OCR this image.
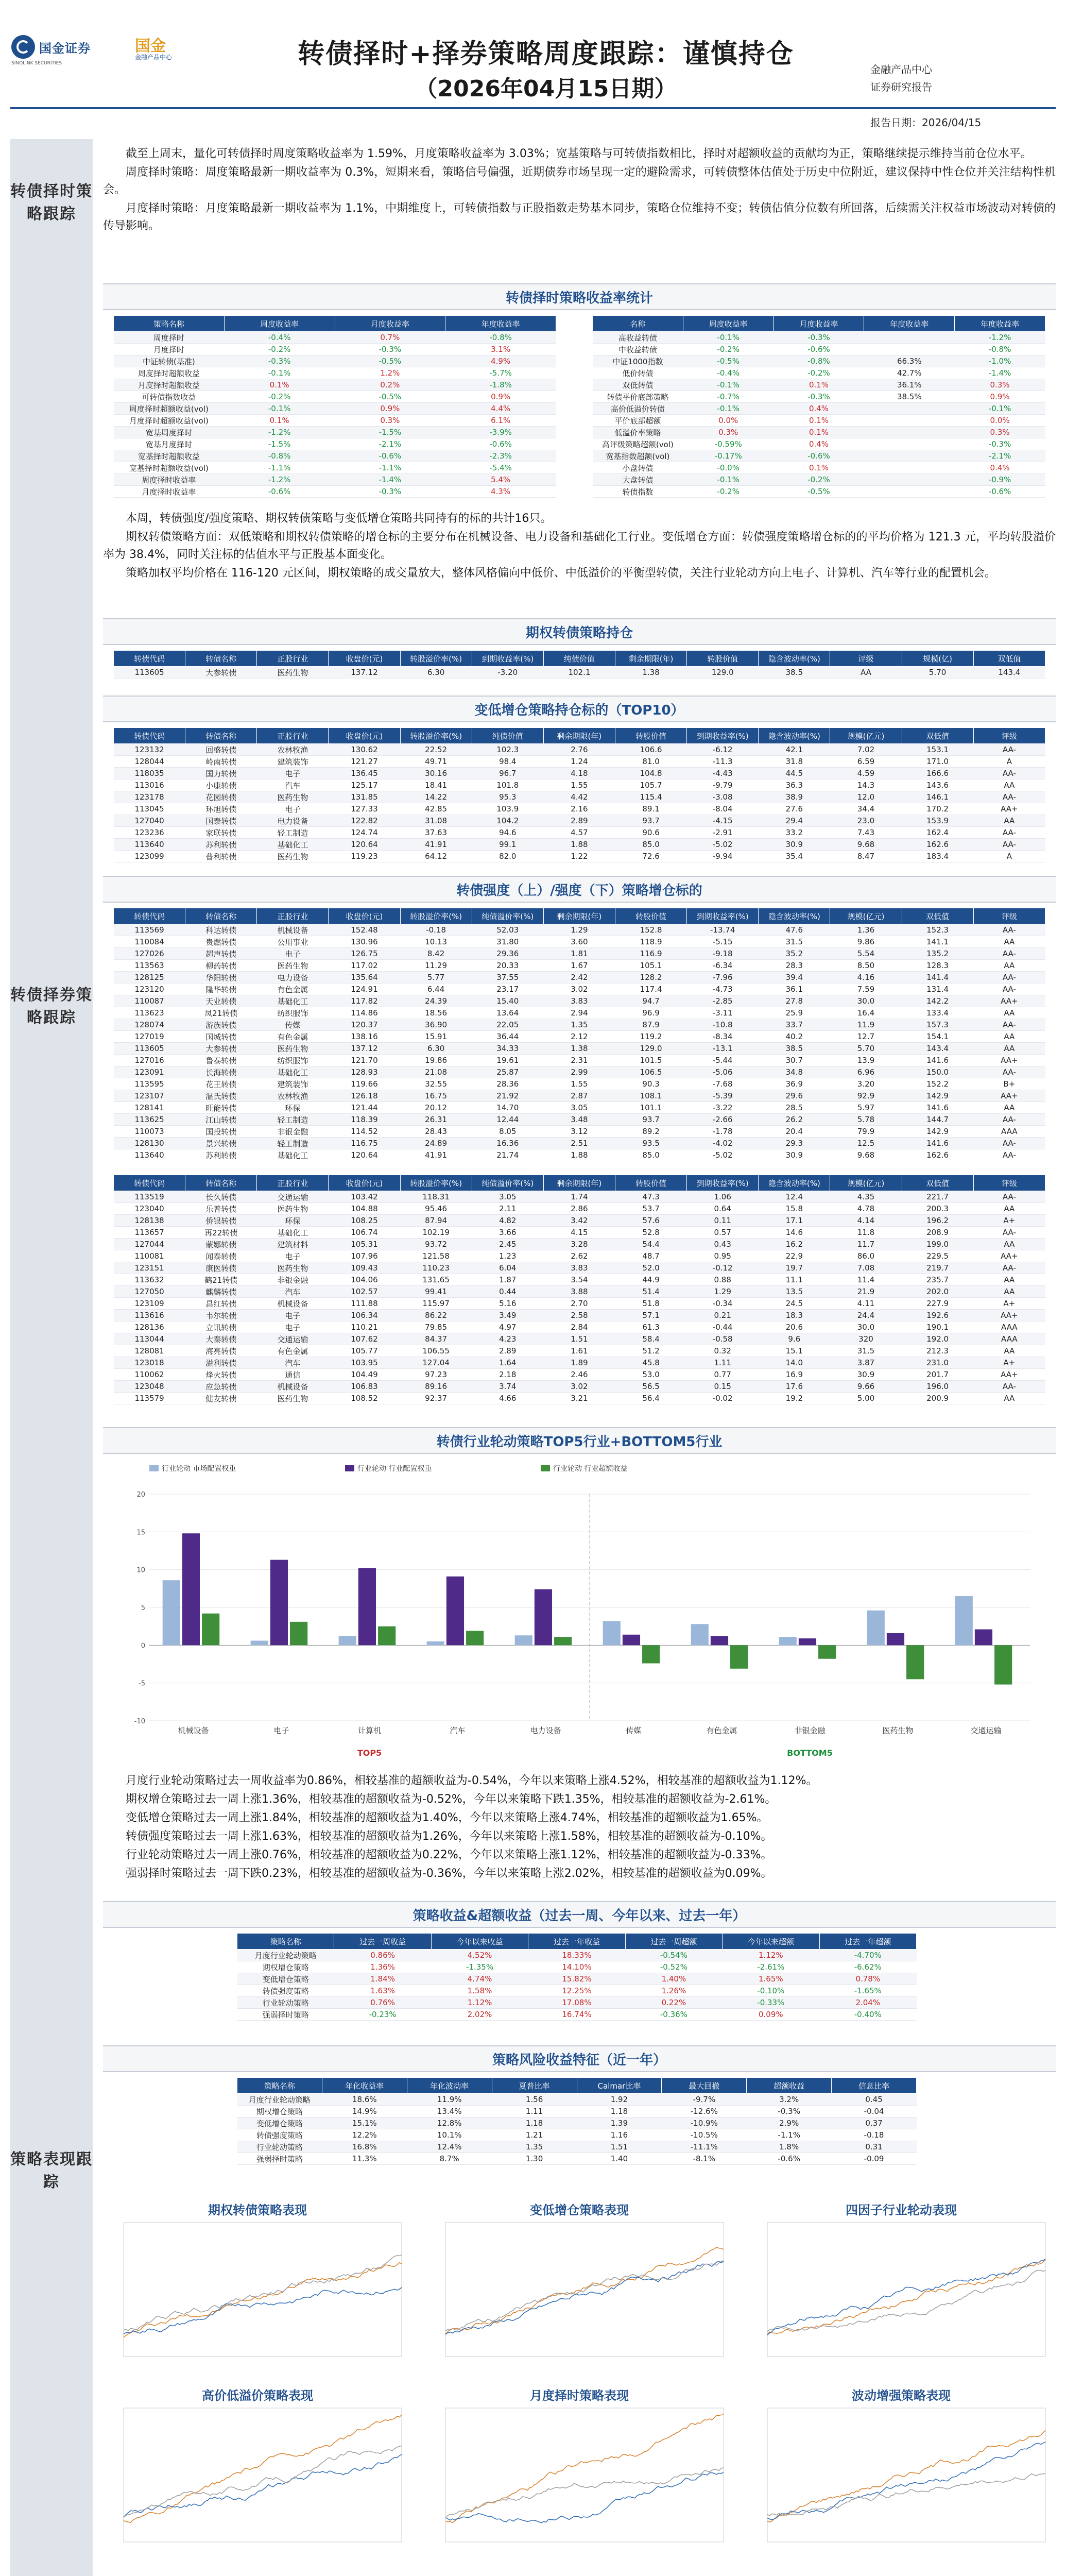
国金证券
SINOLINK SECURITIES
国金
金融产品中心	转债择时+择券策略周度跟踪：谨慎持仓
（2026年04月15日期）
金融产品中心
证券研究报告
报告日期：2026/04/15
转债择时策略跟踪
转债择券策略跟踪
策略表现跟踪

截至上周末，量化可转债择时周度策略收益率为 1.59%，月度策略收益率为 3.03%；宽基策略与可转债指数相比，择时对超额收益的贡献均为正，策略继续提示维持当前仓位水平。

周度择时策略：周度策略最新一期收益率为 0.3%，短期来看，策略信号偏强，近期债券市场呈现一定的避险需求，可转债整体估值处于历史中位附近，建议保持中性仓位并关注结构性机会。

月度择时策略：月度策略最新一期收益率为 1.1%，中期维度上，可转债指数与正股指数走势基本同步，策略仓位维持不变；转债估值分位数有所回落，后续需关注权益市场波动对转债的传导影响。

转债择时策略收益率统计
策略名称	周度收益率	月度收益率	年度收益率
周度择时	-0.4%	0.7%	-0.8%
月度择时	-0.2%	-0.3%	3.1%
中证转债(基准)	-0.3%	-0.5%	4.9%
周度择时超额收益	-0.1%	1.2%	-5.7%
月度择时超额收益	0.1%	0.2%	-1.8%
可转债指数收益	-0.2%	-0.5%	0.9%
周度择时超额收益(vol)	-0.1%	0.9%	4.4%
月度择时超额收益(vol)	0.1%	0.3%	6.1%
宽基周度择时	-1.2%	-1.5%	-3.9%
宽基月度择时	-1.5%	-2.1%	-0.6%
宽基择时超额收益	-0.8%	-0.6%	-2.3%
宽基择时超额收益(vol)	-1.1%	-1.1%	-5.4%
周度择时收益率	-1.2%	-1.4%	5.4%
月度择时收益率	-0.6%	-0.3%	4.3%
名称	周度收益率	月度收益率	年度收益率	年度收益率
高收益转债	-0.1%	-0.3%		-1.2%
中收益转债	-0.2%	-0.6%		-0.8%
中证1000指数	-0.5%	-0.8%	66.3%	-1.0%
低价转债	-0.4%	-0.2%	42.7%	-1.4%
双低转债	-0.1%	0.1%	36.1%	0.3%
转债平价底部策略	-0.7%	-0.3%	38.5%	0.9%
高价低溢价转债	-0.1%	0.4%		-0.1%
平价底部超额	0.0%	0.1%		0.0%
低溢价率策略	0.3%	0.1%		0.3%
高评级策略超额(vol)	-0.59%	0.4%		-0.3%
宽基指数超额(vol)	-0.17%	-0.6%		-2.1%
小盘转债	-0.0%	0.1%		0.4%
大盘转债	-0.1%	-0.2%		-0.9%
转债指数	-0.2%	-0.5%		-0.6%

本周，转债强度/强度策略、期权转债策略与变低增仓策略共同持有的标的共计16只。

期权转债策略方面：双低策略和期权转债策略的增仓标的主要分布在机械设备、电力设备和基础化工行业。变低增仓方面：转债强度策略增仓标的的平均价格为 121.3 元，平均转股溢价率为 38.4%，同时关注标的估值水平与正股基本面变化。

策略加权平均价格在 116-120 元区间，期权策略的成交量放大，整体风格偏向中低价、中低溢价的平衡型转债，关注行业轮动方向上电子、计算机、汽车等行业的配置机会。

期权转债策略持仓
转债代码	转债名称	正股行业	收盘价(元)	转股溢价率(%)	到期收益率(%)	纯债价值	剩余期限(年)	转股价值	隐含波动率(%)	评级	规模(亿)	双低值
113605	大参转债	医药生物	137.12	6.30	-3.20	102.1	1.38	129.0	38.5	AA	5.70	143.4
变低增仓策略持仓标的（TOP10）
转债代码	转债名称	正股行业	收盘价(元)	转股溢价率(%)	纯债价值	剩余期限(年)	转股价值	到期收益率(%)	隐含波动率(%)	规模(亿元)	双低值	评级
123132	回盛转债	农林牧渔	130.62	22.52	102.3	2.76	106.6	-6.12	42.1	7.02	153.1	AA-
128044	岭南转债	建筑装饰	121.27	49.71	98.4	1.24	81.0	-11.3	31.8	6.59	171.0	A
118035	国力转债	电子	136.45	30.16	96.7	4.18	104.8	-4.43	44.5	4.59	166.6	AA-
113016	小康转债	汽车	125.17	18.41	101.8	1.55	105.7	-9.79	36.3	14.3	143.6	AA
123178	花园转债	医药生物	131.85	14.22	95.3	4.42	115.4	-3.08	38.9	12.0	146.1	AA-
113045	环旭转债	电子	127.33	42.85	103.9	2.16	89.1	-8.04	27.6	34.4	170.2	AA+
127040	国泰转债	电力设备	122.82	31.08	104.2	2.89	93.7	-4.15	29.4	23.0	153.9	AA
123236	家联转债	轻工制造	124.74	37.63	94.6	4.57	90.6	-2.91	33.2	7.43	162.4	AA-
113640	苏利转债	基础化工	120.64	41.91	99.1	1.88	85.0	-5.02	30.9	9.68	162.6	AA-
123099	普利转债	医药生物	119.23	64.12	82.0	1.22	72.6	-9.94	35.4	8.47	183.4	A
转债强度（上）/强度（下）策略增仓标的
转债代码	转债名称	正股行业	收盘价(元)	转股溢价率(%)	纯债溢价率(%)	剩余期限(年)	转股价值	到期收益率(%)	隐含波动率(%)	规模(亿元)	双低值	评级
113569	科达转债	机械设备	152.48	-0.18	52.03	1.29	152.8	-13.74	47.6	1.36	152.3	AA-
110084	贵燃转债	公用事业	130.96	10.13	31.80	3.60	118.9	-5.15	31.5	9.86	141.1	AA
127026	超声转债	电子	126.75	8.42	29.36	1.81	116.9	-9.18	35.2	5.54	135.2	AA-
113563	柳药转债	医药生物	117.02	11.29	20.33	1.67	105.1	-6.34	28.3	8.50	128.3	AA
128125	华阳转债	电力设备	135.64	5.77	37.55	2.42	128.2	-7.96	39.4	4.16	141.4	AA-
123120	隆华转债	有色金属	124.91	6.44	23.17	3.02	117.4	-4.73	36.1	7.59	131.4	AA-
110087	天业转债	基础化工	117.82	24.39	15.40	3.83	94.7	-2.85	27.8	30.0	142.2	AA+
113623	凤21转债	纺织服饰	114.86	18.56	13.64	2.94	96.9	-3.11	25.9	16.4	133.4	AA
128074	游族转债	传媒	120.37	36.90	22.05	1.35	87.9	-10.8	33.7	11.9	157.3	AA-
127019	国城转债	有色金属	138.16	15.91	36.44	2.12	119.2	-8.34	40.2	12.7	154.1	AA
113605	大参转债	医药生物	137.12	6.30	34.33	1.38	129.0	-13.1	38.5	5.70	143.4	AA
127016	鲁泰转债	纺织服饰	121.70	19.86	19.61	2.31	101.5	-5.44	30.7	13.9	141.6	AA+
123091	长海转债	基础化工	128.93	21.08	25.87	2.99	106.5	-5.06	34.8	6.96	150.0	AA-
113595	花王转债	建筑装饰	119.66	32.55	28.36	1.55	90.3	-7.68	36.9	3.20	152.2	B+
123107	温氏转债	农林牧渔	126.18	16.75	21.92	2.87	108.1	-5.39	29.6	92.9	142.9	AA+
128141	旺能转债	环保	121.44	20.12	14.70	3.05	101.1	-3.22	28.5	5.97	141.6	AA
113625	江山转债	轻工制造	118.39	26.31	12.44	3.48	93.7	-2.66	26.2	5.78	144.7	AA-
110073	国投转债	非银金融	114.52	28.43	8.05	3.12	89.2	-1.78	20.4	79.9	142.9	AAA
128130	景兴转债	轻工制造	116.75	24.89	16.36	2.51	93.5	-4.02	29.3	12.5	141.6	AA-
113640	苏利转债	基础化工	120.64	41.91	21.74	1.88	85.0	-5.02	30.9	9.68	162.6	AA-
转债代码	转债名称	正股行业	收盘价(元)	转股溢价率(%)	纯债溢价率(%)	剩余期限(年)	转股价值	到期收益率(%)	隐含波动率(%)	规模(亿元)	双低值	评级
113519	长久转债	交通运输	103.42	118.31	3.05	1.74	47.3	1.06	12.4	4.35	221.7	AA-
123040	乐普转债	医药生物	104.88	95.46	2.11	2.86	53.7	0.64	15.8	4.78	200.3	AA
128138	侨银转债	环保	108.25	87.94	4.82	3.42	57.6	0.11	17.1	4.14	196.2	A+
113657	再22转债	基础化工	106.74	102.19	3.66	4.15	52.8	0.57	14.6	11.8	208.9	AA-
127044	蒙娜转债	建筑材料	105.31	93.72	2.45	3.28	54.4	0.43	16.2	11.7	199.0	AA
110081	闻泰转债	电子	107.96	121.58	1.23	2.62	48.7	0.95	22.9	86.0	229.5	AA+
123151	康医转债	医药生物	109.43	110.23	6.04	3.83	52.0	-0.12	19.7	7.08	219.7	AA-
113632	鹤21转债	非银金融	104.06	131.65	1.87	3.54	44.9	0.88	11.1	11.4	235.7	AA
127050	麒麟转债	汽车	102.57	99.41	0.44	3.88	51.4	1.29	13.5	21.9	202.0	AA
123109	昌红转债	机械设备	111.88	115.97	5.16	2.70	51.8	-0.34	24.5	4.11	227.9	A+
113616	韦尔转债	电子	106.34	86.22	3.49	2.58	57.1	0.21	18.3	24.4	192.6	AA+
128136	立讯转债	电子	110.21	79.85	4.97	2.84	61.3	-0.44	20.6	30.0	190.1	AAA
113044	大秦转债	交通运输	107.62	84.37	4.23	1.51	58.4	-0.58	9.6	320	192.0	AAA
128081	海亮转债	有色金属	105.77	106.55	2.89	1.61	51.2	0.32	15.1	31.5	212.3	AA
123018	溢利转债	汽车	103.95	127.04	1.64	1.89	45.8	1.11	14.0	3.87	231.0	A+
110062	烽火转债	通信	104.49	97.23	2.18	2.46	53.0	0.77	16.9	30.9	201.7	AA+
123048	应急转债	机械设备	106.83	89.16	3.74	3.02	56.5	0.15	17.6	9.66	196.0	AA-
113579	健友转债	医药生物	108.52	92.37	4.66	3.21	56.4	-0.02	19.2	5.00	200.9	AA
转债行业轮动策略TOP5行业+BOTTOM5行业
行业轮动 市场配置权重	行业轮动 行业配置权重	行业轮动 行业超额收益
-10
-5
0
5
10
15
20
机械设备	电子	计算机	汽车	电力设备	传媒	有色金属	非银金融	医药生物	交通运输
TOP5	BOTTOM5

月度行业轮动策略过去一周收益率为0.86%，相较基准的超额收益为-0.54%，今年以来策略上涨4.52%，相较基准的超额收益为1.12%。

期权增仓策略过去一周上涨1.36%，相较基准的超额收益为-0.52%，今年以来策略下跌1.35%，相较基准的超额收益为-2.61%。

变低增仓策略过去一周上涨1.84%，相较基准的超额收益为1.40%，今年以来策略上涨4.74%，相较基准的超额收益为1.65%。

转债强度策略过去一周上涨1.63%，相较基准的超额收益为1.26%，今年以来策略上涨1.58%，相较基准的超额收益为-0.10%。

行业轮动策略过去一周上涨0.76%，相较基准的超额收益为0.22%，今年以来策略上涨1.12%，相较基准的超额收益为-0.33%。

强弱择时策略过去一周下跌0.23%，相较基准的超额收益为-0.36%，今年以来策略上涨2.02%，相较基准的超额收益为0.09%。

策略收益&超额收益（过去一周、今年以来、过去一年）
策略名称	过去一周收益	今年以来收益	过去一年收益	过去一周超额	今年以来超额	过去一年超额
月度行业轮动策略	0.86%	4.52%	18.33%	-0.54%	1.12%	-4.70%
期权增仓策略	1.36%	-1.35%	14.10%	-0.52%	-2.61%	-6.62%
变低增仓策略	1.84%	4.74%	15.82%	1.40%	1.65%	0.78%
转债强度策略	1.63%	1.58%	12.25%	1.26%	-0.10%	-1.65%
行业轮动策略	0.76%	1.12%	17.08%	0.22%	-0.33%	2.04%
强弱择时策略	-0.23%	2.02%	16.74%	-0.36%	0.09%	-0.40%
策略风险收益特征（近一年）
策略名称	年化收益率	年化波动率	夏普比率	Calmar比率	最大回撤	超额收益	信息比率
月度行业轮动策略	18.6%	11.9%	1.56	1.92	-9.7%	3.2%	0.45
期权增仓策略	14.9%	13.4%	1.11	1.18	-12.6%	-0.3%	-0.04
变低增仓策略	15.1%	12.8%	1.18	1.39	-10.9%	2.9%	0.37
转债强度策略	12.2%	10.1%	1.21	1.16	-10.5%	-1.1%	-0.18
行业轮动策略	16.8%	12.4%	1.35	1.51	-11.1%	1.8%	0.31
强弱择时策略	11.3%	8.7%	1.30	1.40	-8.1%	-0.6%	-0.09
期权转债策略表现	变低增仓策略表现	四因子行业轮动表现
高价低溢价策略表现	月度择时策略表现	波动增强策略表现
